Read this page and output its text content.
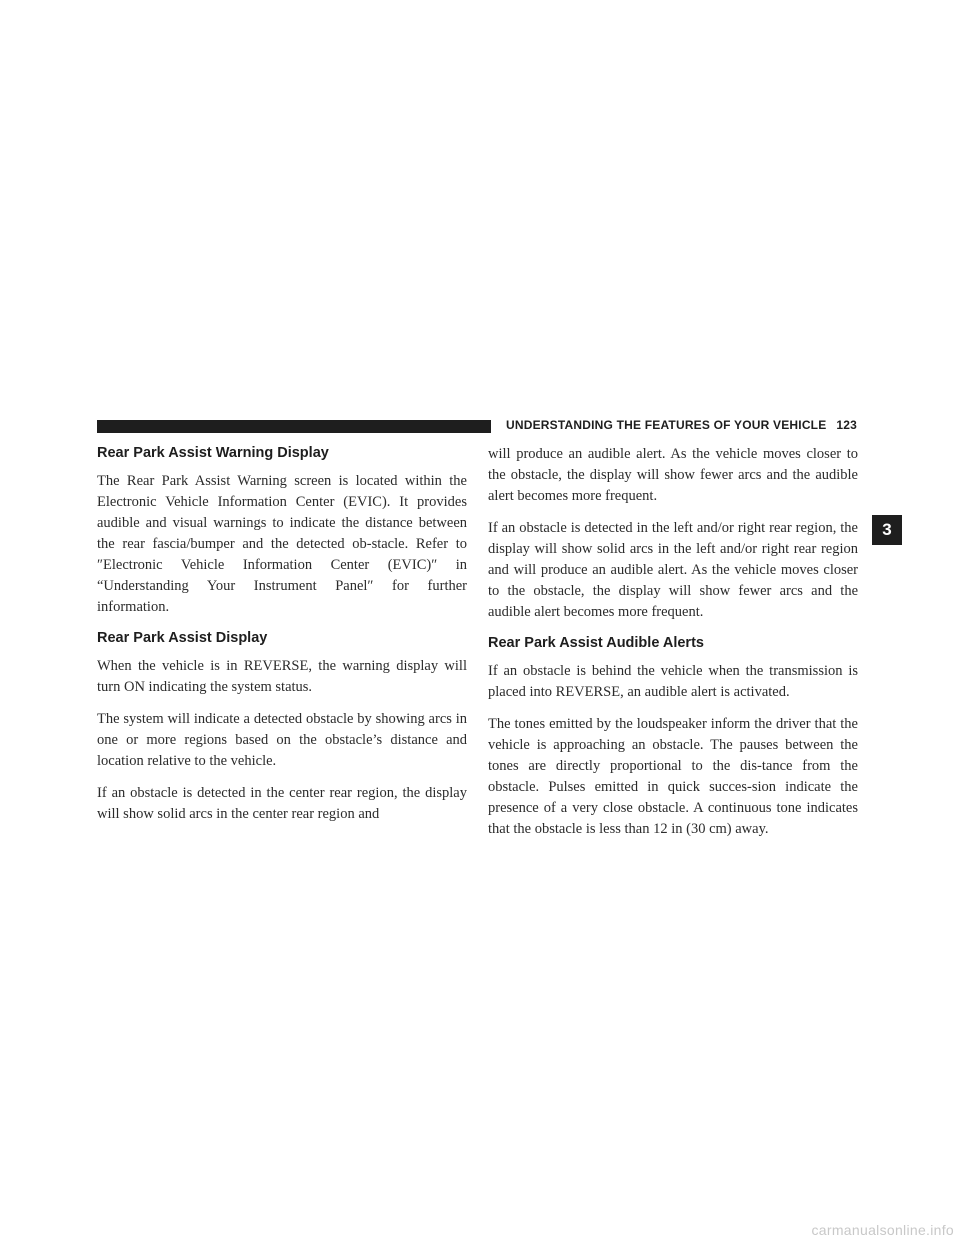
UNDERSTANDING THE FEATURES OF YOUR VEHICLE 123
Rear Park Assist Warning Display

The Rear Park Assist Warning screen is located within the Electronic Vehicle Information Center (EVIC). It provides audible and visual warnings to indicate the distance between the rear fascia/bumper and the detected ob-stacle. Refer to ″Electronic Vehicle Information Center (EVIC)″ in “Understanding Your Instrument Panel″ for further information.

Rear Park Assist Display

When the vehicle is in REVERSE, the warning display will turn ON indicating the system status.

The system will indicate a detected obstacle by showing arcs in one or more regions based on the obstacle’s distance and location relative to the vehicle.

If an obstacle is detected in the center rear region, the display will show solid arcs in the center rear region and

will produce an audible alert. As the vehicle moves closer to the obstacle, the display will show fewer arcs and the audible alert becomes more frequent.

If an obstacle is detected in the left and/or right rear region, the display will show solid arcs in the left and/or right rear region and will produce an audible alert. As the vehicle moves closer to the obstacle, the display will show fewer arcs and the audible alert becomes more frequent.

Rear Park Assist Audible Alerts

If an obstacle is behind the vehicle when the transmission is placed into REVERSE, an audible alert is activated.

The tones emitted by the loudspeaker inform the driver that the vehicle is approaching an obstacle. The pauses between the tones are directly proportional to the dis-tance from the obstacle. Pulses emitted in quick succes-sion indicate the presence of a very close obstacle. A continuous tone indicates that the obstacle is less than 12 in (30 cm) away.

3
carmanualsonline.info
